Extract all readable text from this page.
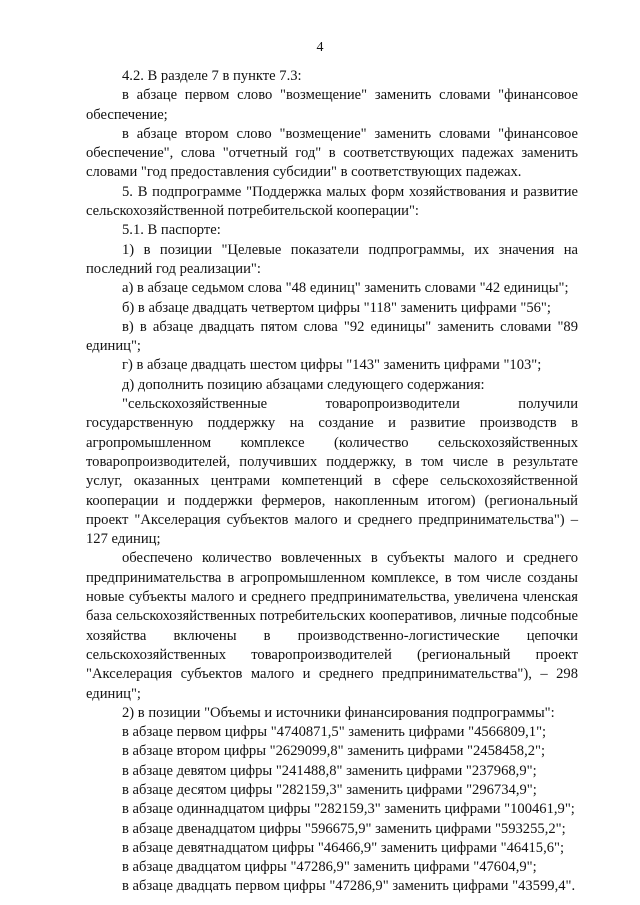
4

4.2. В разделе 7 в пункте 7.3:

в абзаце первом слово "возмещение" заменить словами "финансовое обеспечение;

в абзаце втором слово "возмещение" заменить словами "финансовое обеспечение", слова "отчетный год" в соответствующих падежах заменить словами "год предоставления субсидии" в соответствующих падежах.

5. В подпрограмме "Поддержка малых форм хозяйствования и развитие сельскохозяйственной потребительской кооперации":

5.1. В паспорте:

1) в позиции "Целевые показатели подпрограммы, их значения на последний год реализации":

а) в абзаце седьмом слова "48 единиц" заменить словами "42 единицы";

б) в абзаце двадцать четвертом цифры "118" заменить цифрами "56";

в) в абзаце двадцать пятом слова "92 единицы" заменить словами "89 единиц";

г) в абзаце двадцать шестом цифры "143" заменить цифрами "103";

д) дополнить позицию абзацами следующего содержания:

"сельскохозяйственные товаропроизводители получили государственную поддержку на создание и развитие производств в агропромышленном комплексе (количество сельскохозяйственных товаропроизводителей, получивших поддержку, в том числе в результате услуг, оказанных центрами компетенций в сфере сельскохозяйственной кооперации и поддержки фермеров, накопленным итогом) (региональный проект "Акселерация субъектов малого и среднего предпринимательства") – 127 единиц;

обеспечено количество вовлеченных в субъекты малого и среднего предпринимательства в агропромышленном комплексе, в том числе созданы новые субъекты малого и среднего предпринимательства, увеличена членская база сельскохозяйственных потребительских кооперативов, личные подсобные хозяйства включены в производственно-логистические цепочки сельскохозяйственных товаропроизводителей (региональный проект "Акселерация субъектов малого и среднего предпринимательства"), – 298 единиц";

2) в позиции "Объемы и источники финансирования подпрограммы":

в абзаце первом цифры "4740871,5" заменить цифрами "4566809,1";

в абзаце втором цифры "2629099,8" заменить цифрами "2458458,2";

в абзаце девятом цифры "241488,8" заменить цифрами "237968,9";

в абзаце десятом цифры "282159,3" заменить цифрами "296734,9";

в абзаце одиннадцатом цифры "282159,3" заменить цифрами "100461,9";

в абзаце двенадцатом цифры "596675,9" заменить цифрами "593255,2";

в абзаце девятнадцатом цифры "46466,9" заменить цифрами "46415,6";

в абзаце двадцатом цифры "47286,9" заменить цифрами "47604,9";

в абзаце двадцать первом цифры "47286,9" заменить цифрами "43599,4".
